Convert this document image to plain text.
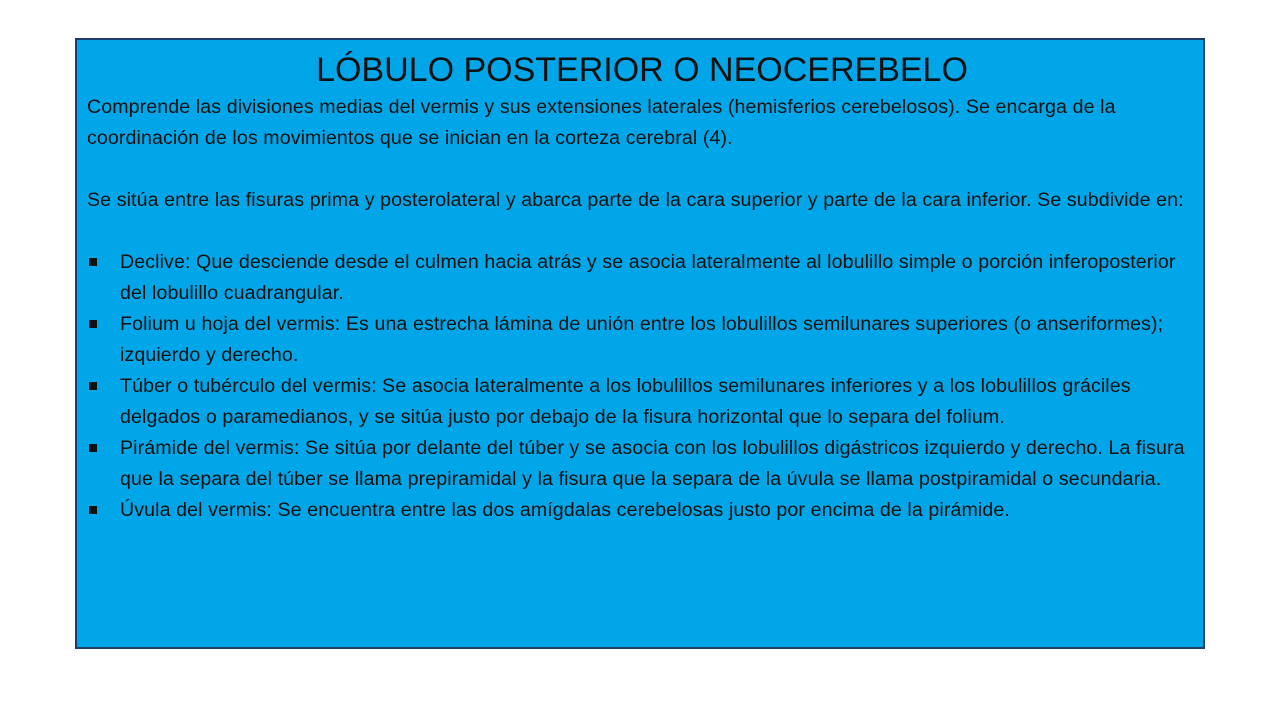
LÓBULO POSTERIOR O NEOCEREBELO

Comprende las divisiones medias del vermis y sus extensiones laterales (hemisferios cerebelosos). Se encarga de la coordinación de los movimientos que se inician en la corteza cerebral (4).

Se sitúa entre las fisuras prima y posterolateral y abarca parte de la cara superior y parte de la cara inferior. Se subdivide en:

Declive: Que desciende desde el culmen hacia atrás y se asocia lateralmente al lobulillo simple o porción inferoposterior del lobulillo cuadrangular.
Folium u hoja del vermis: Es una estrecha lámina de unión entre los lobulillos semilunares superiores (o anseriformes); izquierdo y derecho.
Túber o tubérculo del vermis: Se asocia lateralmente a los lobulillos semilunares inferiores y a los lobulillos gráciles delgados o paramedianos, y se sitúa justo por debajo de la fisura horizontal que lo separa del folium.
Pirámide del vermis: Se sitúa por delante del túber y se asocia con los lobulillos digástricos izquierdo y derecho. La fisura que la separa del túber se llama prepiramidal y la fisura que la separa de la úvula se llama postpiramidal o secundaria.
Úvula del vermis: Se encuentra entre las dos amígdalas cerebelosas justo por encima de la pirámide.
